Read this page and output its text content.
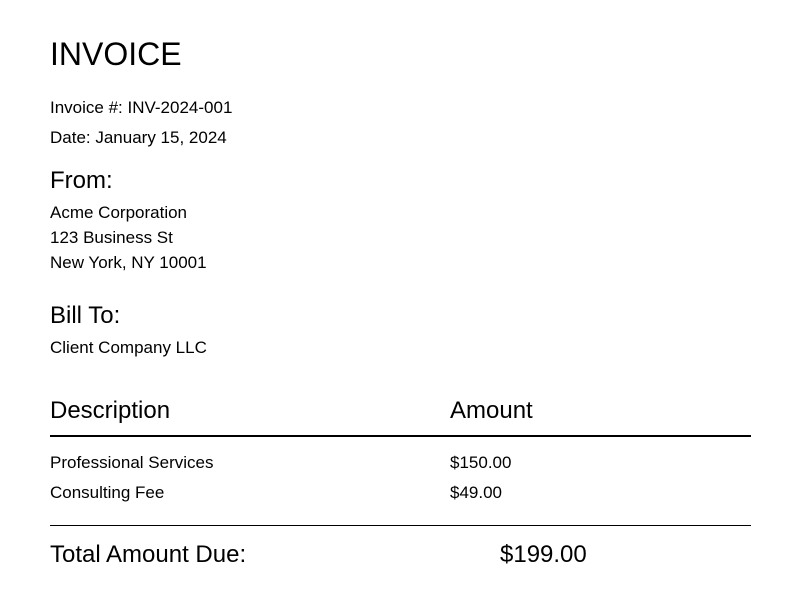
INVOICE
Invoice #: INV-2024-001
Date: January 15, 2024
From:
Acme Corporation
123 Business St
New York, NY 10001
Bill To:
Client Company LLC
Description	Amount
Professional Services	$150.00
Consulting Fee	$49.00
Total Amount Due:	$199.00
